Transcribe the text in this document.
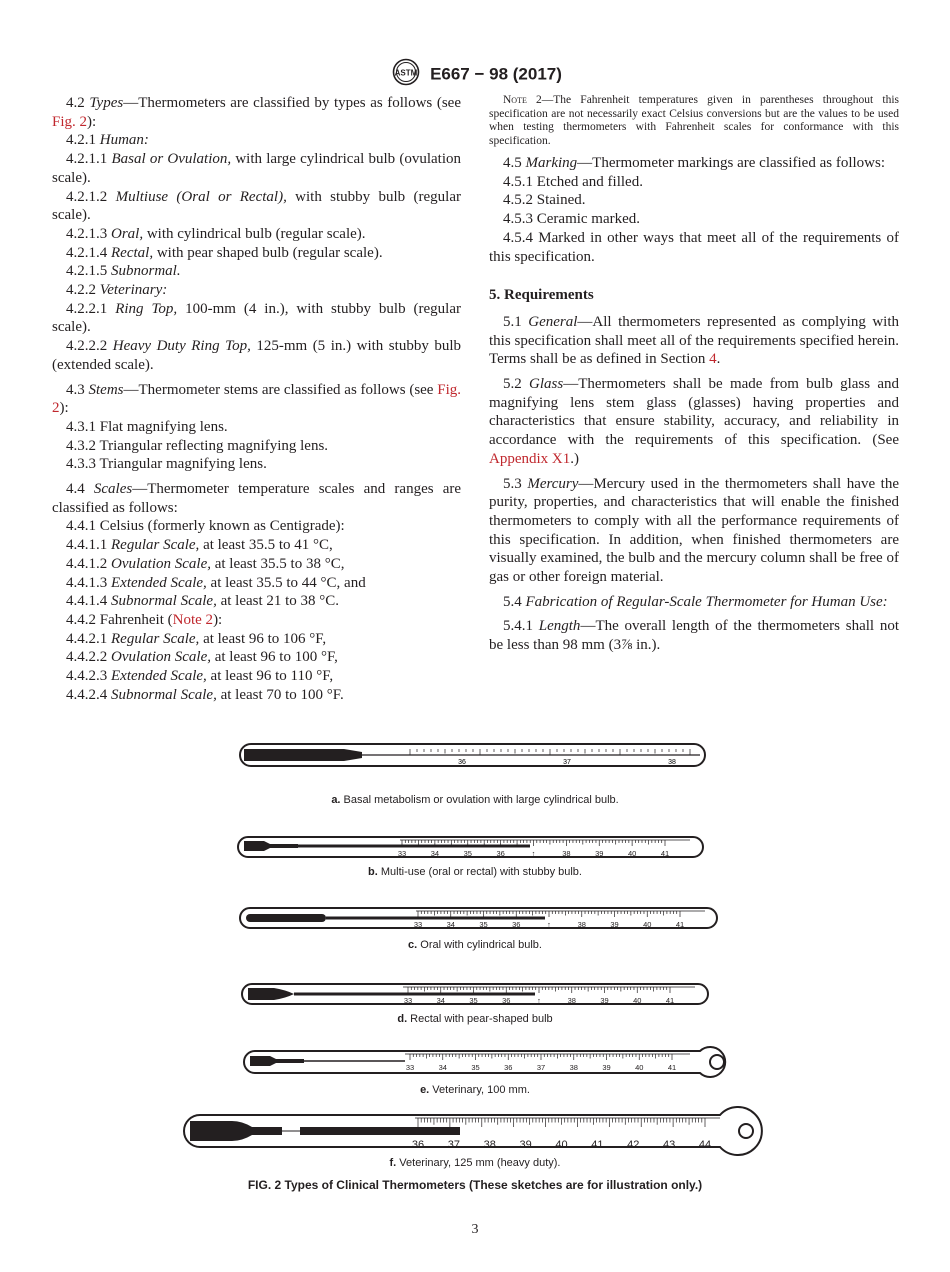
ASTM E667 − 98 (2017)

4.2 Types—Thermometers are classified by types as follows (see Fig. 2):

4.2.1 Human:

4.2.1.1 Basal or Ovulation, with large cylindrical bulb (ovulation scale).

4.2.1.2 Multiuse (Oral or Rectal), with stubby bulb (regular scale).

4.2.1.3 Oral, with cylindrical bulb (regular scale).

4.2.1.4 Rectal, with pear shaped bulb (regular scale).

4.2.1.5 Subnormal.

4.2.2 Veterinary:

4.2.2.1 Ring Top, 100-mm (4 in.), with stubby bulb (regular scale).

4.2.2.2 Heavy Duty Ring Top, 125-mm (5 in.) with stubby bulb (extended scale).

4.3 Stems—Thermometer stems are classified as follows (see Fig. 2):

4.3.1 Flat magnifying lens.

4.3.2 Triangular reflecting magnifying lens.

4.3.3 Triangular magnifying lens.

4.4 Scales—Thermometer temperature scales and ranges are classified as follows:

4.4.1 Celsius (formerly known as Centigrade):

4.4.1.1 Regular Scale, at least 35.5 to 41 °C,

4.4.1.2 Ovulation Scale, at least 35.5 to 38 °C,

4.4.1.3 Extended Scale, at least 35.5 to 44 °C, and

4.4.1.4 Subnormal Scale, at least 21 to 38 °C.

4.4.2 Fahrenheit (Note 2):

4.4.2.1 Regular Scale, at least 96 to 106 °F,

4.4.2.2 Ovulation Scale, at least 96 to 100 °F,

4.4.2.3 Extended Scale, at least 96 to 110 °F,

4.4.2.4 Subnormal Scale, at least 70 to 100 °F.

Note 2—The Fahrenheit temperatures given in parentheses throughout this specification are not necessarily exact Celsius conversions but are the values to be used when testing thermometers with Fahrenheit scales for conformance with this specification.

4.5 Marking—Thermometer markings are classified as follows:

4.5.1 Etched and filled.

4.5.2 Stained.

4.5.3 Ceramic marked.

4.5.4 Marked in other ways that meet all of the requirements of this specification.

5. Requirements

5.1 General—All thermometers represented as complying with this specification shall meet all of the requirements specified herein. Terms shall be as defined in Section 4.

5.2 Glass—Thermometers shall be made from bulb glass and magnifying lens stem glass (glasses) having properties and characteristics that ensure stability, accuracy, and reliability in accordance with the requirements of this specification. (See Appendix X1.)

5.3 Mercury—Mercury used in the thermometers shall have the purity, properties, and characteristics that will enable the finished thermometers to comply with all the performance requirements of this specification. In addition, when finished thermometers are visually examined, the bulb and the mercury column shall be free of gas or other foreign material.

5.4 Fabrication of Regular-Scale Thermometer for Human Use:

5.4.1 Length—The overall length of the thermometers shall not be less than 98 mm (3⅞ in.).

36	37	38
33	34	35	36	↑	38	39	40	41
33	34	35	36	↑	38	39	40	41
33	34	35	36	↑	38	39	40	41
33	34	35	36	37	38	39	40	41
36 37 38 39 40 41 42 43 44
a. Basal metabolism or ovulation with large cylindrical bulb.
b. Multi-use (oral or rectal) with stubby bulb.
c. Oral with cylindrical bulb.
d. Rectal with pear-shaped bulb
e. Veterinary, 100 mm.
f. Veterinary, 125 mm (heavy duty).
FIG. 2 Types of Clinical Thermometers (These sketches are for illustration only.)
3
